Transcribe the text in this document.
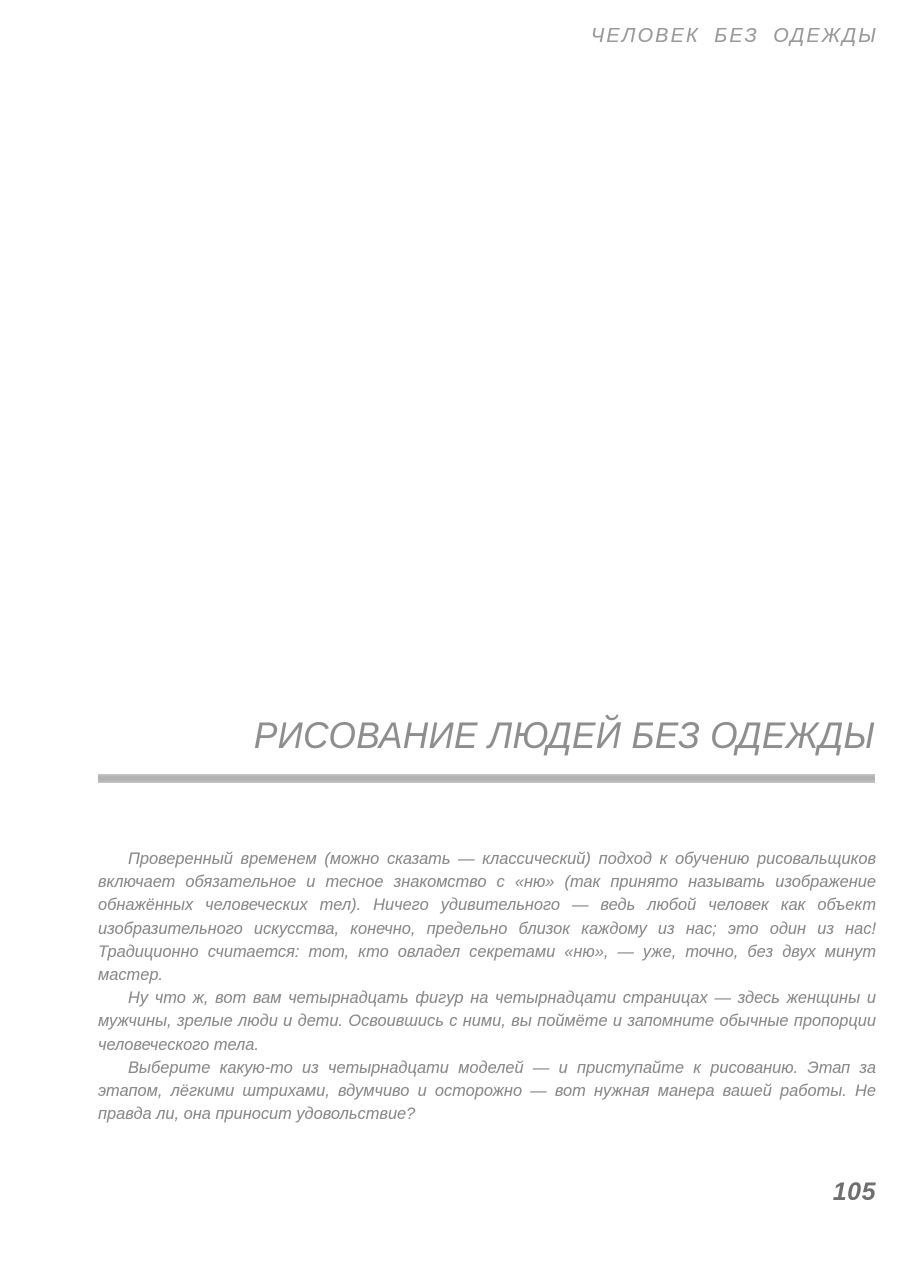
ЧЕЛОВЕК БЕЗ ОДЕЖДЫ
РИСОВАНИЕ ЛЮДЕЙ БЕЗ ОДЕЖДЫ

Проверенный временем (можно сказать — классический) подход к обучению рисовальщиков включает обязательное и тесное знакомство с «ню» (так принято называть изображение обнажённых человеческих тел). Ничего удивительного — ведь любой человек как объект изобразительного искусства, конечно, предельно близок каждому из нас; это один из нас! Традиционно считается: тот, кто овладел секретами «ню», — уже, точно, без двух минут мастер.

Ну что ж, вот вам четырнадцать фигур на четырнадцати страницах — здесь женщины и мужчины, зрелые люди и дети. Освоившись с ними, вы поймёте и запомните обычные пропорции человеческого тела.

Выберите какую-то из четырнадцати моделей — и приступайте к рисованию. Этап за этапом, лёгкими штрихами, вдумчиво и осторожно — вот нужная манера вашей работы. Не правда ли, она приносит удовольствие?

105
